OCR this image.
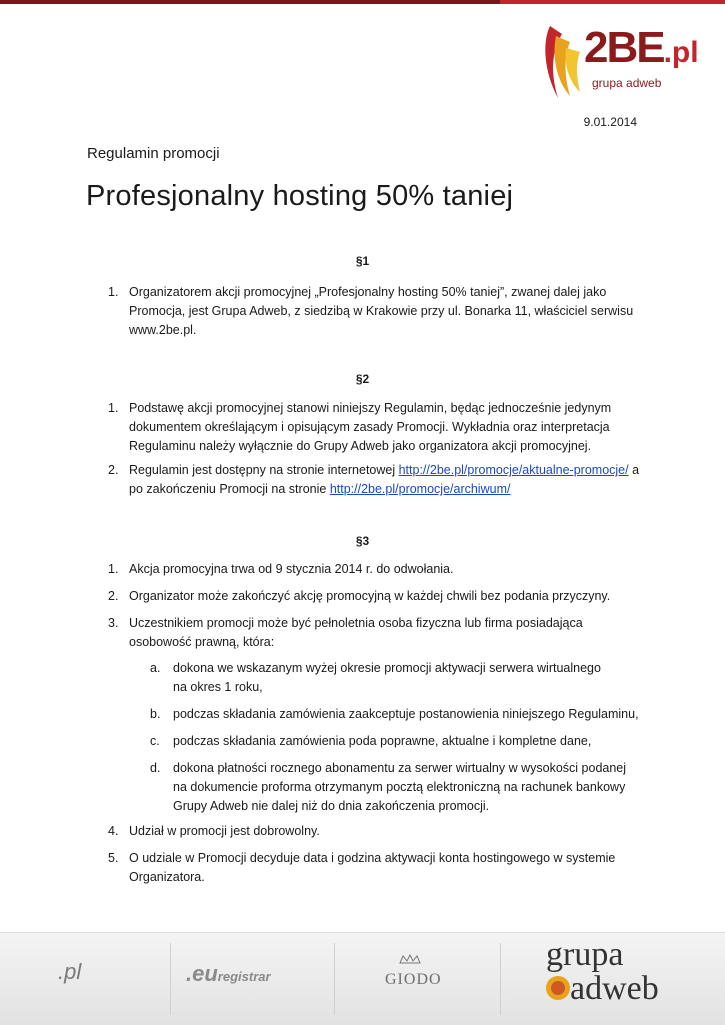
2BE.pl
grupa adweb
9.01.2014
Regulamin promocji
Profesjonalny hosting 50% taniej
§1
1. Organizatorem akcji promocyjnej „Profesjonalny hosting 50% taniej”, zwanej dalej jako Promocja, jest Grupa Adweb, z siedzibą w Krakowie przy ul. Bonarka 11, właściciel serwisu www.2be.pl.
§2
1. Podstawę akcji promocyjnej stanowi niniejszy Regulamin, będąc jednocześnie jedynym dokumentem określającym i opisującym zasady Promocji. Wykładnia oraz interpretacja Regulaminu należy wyłącznie do Grupy Adweb jako organizatora akcji promocyjnej.
2. Regulamin jest dostępny na stronie internetowej http://2be.pl/promocje/aktualne-promocje/ a po zakończeniu Promocji na stronie http://2be.pl/promocje/archiwum/
§3
1. Akcja promocyjna trwa od 9 stycznia 2014 r. do odwołania.
2. Organizator może zakończyć akcję promocyjną w każdej chwili bez podania przyczyny.
3. Uczestnikiem promocji może być pełnoletnia osoba fizyczna lub firma posiadająca osobowość prawną, która:
a. dokona we wskazanym wyżej okresie promocji aktywacji serwera wirtualnego na okres 1 roku,
b. podczas składania zamówienia zaakceptuje postanowienia niniejszego Regulaminu,
c. podczas składania zamówienia poda poprawne, aktualne i kompletne dane,
d. dokona płatności rocznego abonamentu za serwer wirtualny w wysokości podanej na dokumencie proforma otrzymanym pocztą elektroniczną na rachunek bankowy Grupy Adweb nie dalej niż do dnia zakończenia promocji.
4. Udział w promocji jest dobrowolny.
5. O udziale w Promocji decyduje data i godzina aktywacji konta hostingowego w systemie Organizatora.
.pl	.euregistrar	GIODO
grupa
adweb
